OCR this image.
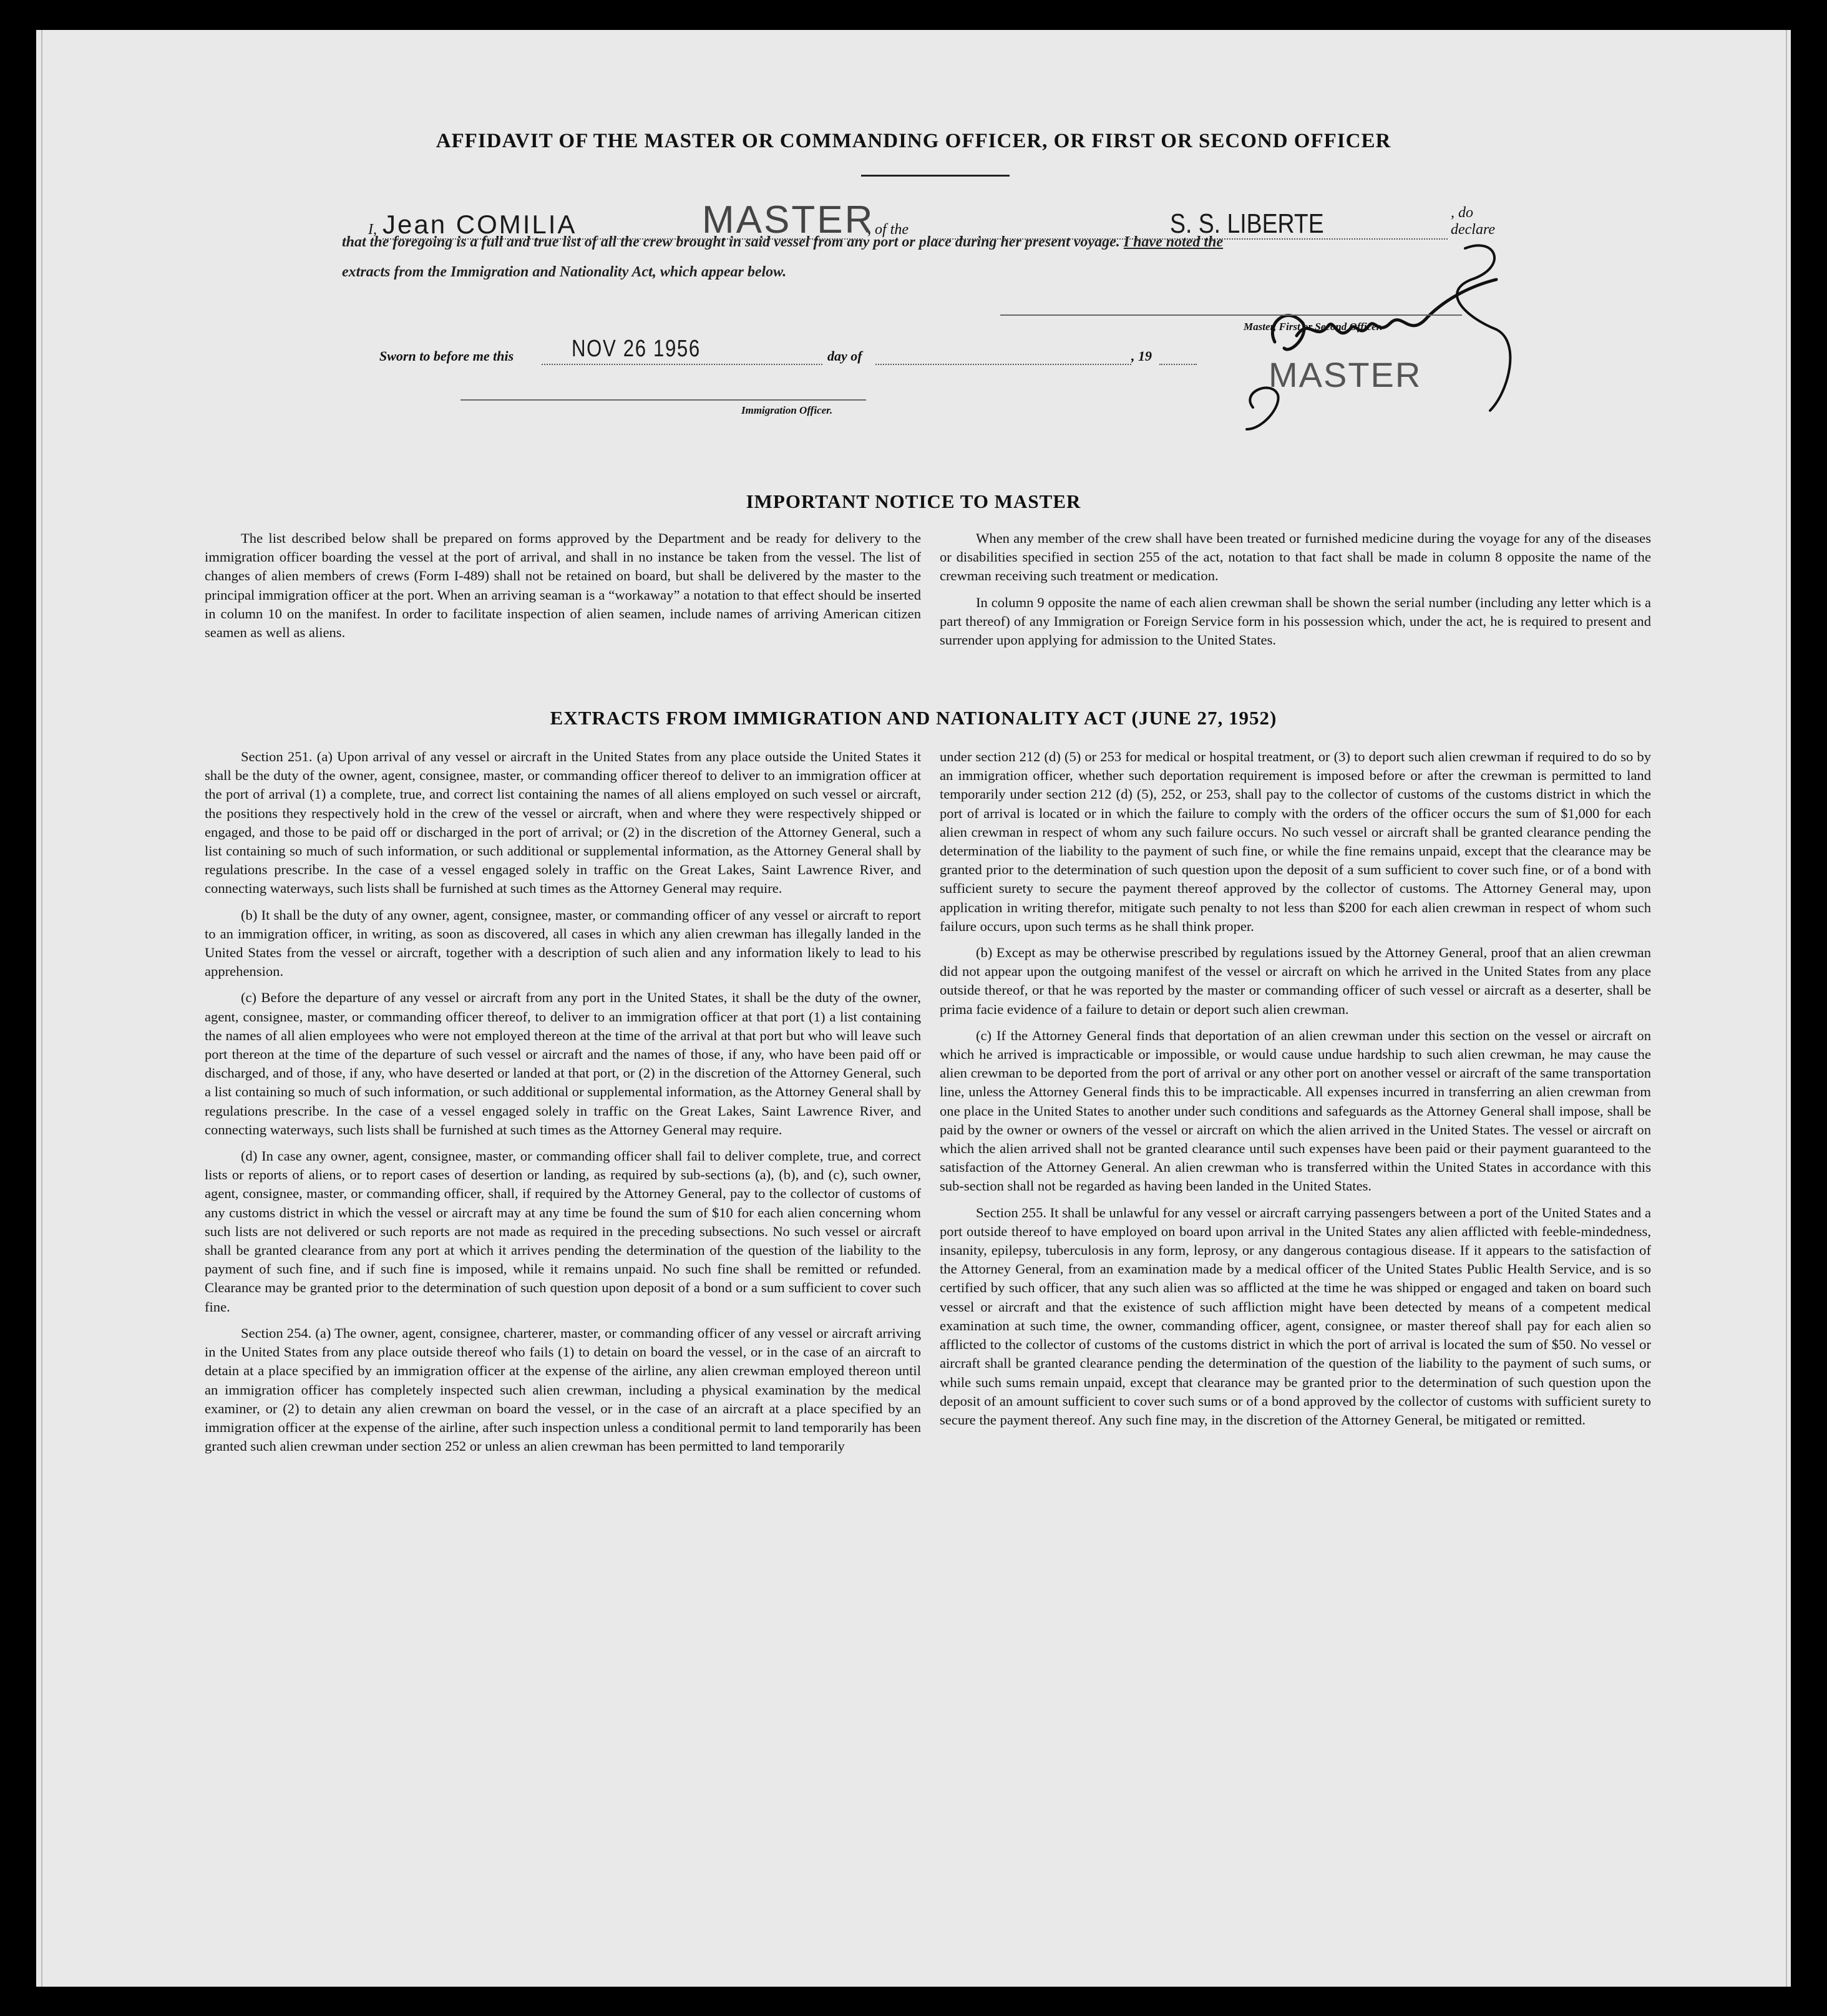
AFFIDAVIT OF THE MASTER OR COMMANDING OFFICER, OR FIRST OR SECOND OFFICER
I, Jean COMILIA	MASTER
, of the	S. S. LIBERTE	, do declare
that the foregoing is a full and true list of all the crew brought in said vessel from any port or place during her present voyage. I have noted the
extracts from the Immigration and Nationality Act, which appear below.
Master, First or Second Officer.
MASTER
Sworn to before me this NOV 26 1956	day of	, 19
Immigration Officer.
IMPORTANT NOTICE TO MASTER

The list described below shall be prepared on forms approved by the Department and be ready for delivery to the immigration officer boarding the vessel at the port of arrival, and shall in no instance be taken from the vessel. The list of changes of alien members of crews (Form I-489) shall not be retained on board, but shall be delivered by the master to the principal immigration officer at the port. When an arriving seaman is a “workaway” a notation to that effect should be inserted in column 10 on the manifest. In order to facilitate inspection of alien seamen, include names of arriving American citizen seamen as well as aliens.

When any member of the crew shall have been treated or furnished medicine during the voyage for any of the diseases or disabilities specified in section 255 of the act, notation to that fact shall be made in column 8 opposite the name of the crewman receiving such treatment or medication.

In column 9 opposite the name of each alien crewman shall be shown the serial number (including any letter which is a part thereof) of any Immigration or Foreign Service form in his possession which, under the act, he is required to present and surrender upon applying for admission to the United States.

EXTRACTS FROM IMMIGRATION AND NATIONALITY ACT (JUNE 27, 1952)

Section 251. (a) Upon arrival of any vessel or aircraft in the United States from any place outside the United States it shall be the duty of the owner, agent, consignee, master, or commanding officer thereof to deliver to an immigration officer at the port of arrival (1) a complete, true, and correct list containing the names of all aliens employed on such vessel or aircraft, the positions they respectively hold in the crew of the vessel or aircraft, when and where they were respectively shipped or engaged, and those to be paid off or discharged in the port of arrival; or (2) in the discretion of the Attorney General, such a list containing so much of such information, or such additional or supplemental information, as the Attorney General shall by regulations prescribe. In the case of a vessel engaged solely in traffic on the Great Lakes, Saint Lawrence River, and connecting waterways, such lists shall be furnished at such times as the Attorney General may require.

(b) It shall be the duty of any owner, agent, consignee, master, or commanding officer of any vessel or aircraft to report to an immigration officer, in writing, as soon as discovered, all cases in which any alien crewman has illegally landed in the United States from the vessel or aircraft, together with a description of such alien and any information likely to lead to his apprehension.

(c) Before the departure of any vessel or aircraft from any port in the United States, it shall be the duty of the owner, agent, consignee, master, or commanding officer thereof, to deliver to an immigration officer at that port (1) a list containing the names of all alien employees who were not employed thereon at the time of the arrival at that port but who will leave such port thereon at the time of the departure of such vessel or aircraft and the names of those, if any, who have been paid off or discharged, and of those, if any, who have deserted or landed at that port, or (2) in the discretion of the Attorney General, such a list containing so much of such information, or such additional or supplemental information, as the Attorney General shall by regulations prescribe. In the case of a vessel engaged solely in traffic on the Great Lakes, Saint Lawrence River, and connecting waterways, such lists shall be furnished at such times as the Attorney General may require.

(d) In case any owner, agent, consignee, master, or commanding officer shall fail to deliver complete, true, and correct lists or reports of aliens, or to report cases of desertion or landing, as required by sub-sections (a), (b), and (c), such owner, agent, consignee, master, or commanding officer, shall, if required by the Attorney General, pay to the collector of customs of any customs district in which the vessel or aircraft may at any time be found the sum of $10 for each alien concerning whom such lists are not delivered or such reports are not made as required in the preceding subsections. No such vessel or aircraft shall be granted clearance from any port at which it arrives pending the determination of the question of the liability to the payment of such fine, and if such fine is imposed, while it remains unpaid. No such fine shall be remitted or refunded. Clearance may be granted prior to the determination of such question upon deposit of a bond or a sum sufficient to cover such fine.

Section 254. (a) The owner, agent, consignee, charterer, master, or commanding officer of any vessel or aircraft arriving in the United States from any place outside thereof who fails (1) to detain on board the vessel, or in the case of an aircraft to detain at a place specified by an immigration officer at the expense of the airline, any alien crewman employed thereon until an immigration officer has completely inspected such alien crewman, including a physical examination by the medical examiner, or (2) to detain any alien crewman on board the vessel, or in the case of an aircraft at a place specified by an immigration officer at the expense of the airline, after such inspection unless a conditional permit to land temporarily has been granted such alien crewman under section 252 or unless an alien crewman has been permitted to land temporarily

under section 212 (d) (5) or 253 for medical or hospital treatment, or (3) to deport such alien crewman if required to do so by an immigration officer, whether such deportation requirement is imposed before or after the crewman is permitted to land temporarily under section 212 (d) (5), 252, or 253, shall pay to the collector of customs of the customs district in which the port of arrival is located or in which the failure to comply with the orders of the officer occurs the sum of $1,000 for each alien crewman in respect of whom any such failure occurs. No such vessel or aircraft shall be granted clearance pending the determination of the liability to the payment of such fine, or while the fine remains unpaid, except that the clearance may be granted prior to the determination of such question upon the deposit of a sum sufficient to cover such fine, or of a bond with sufficient surety to secure the payment thereof approved by the collector of customs. The Attorney General may, upon application in writing therefor, mitigate such penalty to not less than $200 for each alien crewman in respect of whom such failure occurs, upon such terms as he shall think proper.

(b) Except as may be otherwise prescribed by regulations issued by the Attorney General, proof that an alien crewman did not appear upon the outgoing manifest of the vessel or aircraft on which he arrived in the United States from any place outside thereof, or that he was reported by the master or commanding officer of such vessel or aircraft as a deserter, shall be prima facie evidence of a failure to detain or deport such alien crewman.

(c) If the Attorney General finds that deportation of an alien crewman under this section on the vessel or aircraft on which he arrived is impracticable or impossible, or would cause undue hardship to such alien crewman, he may cause the alien crewman to be deported from the port of arrival or any other port on another vessel or aircraft of the same transportation line, unless the Attorney General finds this to be impracticable. All expenses incurred in transferring an alien crewman from one place in the United States to another under such conditions and safeguards as the Attorney General shall impose, shall be paid by the owner or owners of the vessel or aircraft on which the alien arrived in the United States. The vessel or aircraft on which the alien arrived shall not be granted clearance until such expenses have been paid or their payment guaranteed to the satisfaction of the Attorney General. An alien crewman who is transferred within the United States in accordance with this sub-section shall not be regarded as having been landed in the United States.

Section 255. It shall be unlawful for any vessel or aircraft carrying passengers between a port of the United States and a port outside thereof to have employed on board upon arrival in the United States any alien afflicted with feeble-mindedness, insanity, epilepsy, tuberculosis in any form, leprosy, or any dangerous contagious disease. If it appears to the satisfaction of the Attorney General, from an examination made by a medical officer of the United States Public Health Service, and is so certified by such officer, that any such alien was so afflicted at the time he was shipped or engaged and taken on board such vessel or aircraft and that the existence of such affliction might have been detected by means of a competent medical examination at such time, the owner, commanding officer, agent, consignee, or master thereof shall pay for each alien so afflicted to the collector of customs of the customs district in which the port of arrival is located the sum of $50. No vessel or aircraft shall be granted clearance pending the determination of the question of the liability to the payment of such sums, or while such sums remain unpaid, except that clearance may be granted prior to the determination of such question upon the deposit of an amount sufficient to cover such sums or of a bond approved by the collector of customs with sufficient surety to secure the payment thereof. Any such fine may, in the discretion of the Attorney General, be mitigated or remitted.
